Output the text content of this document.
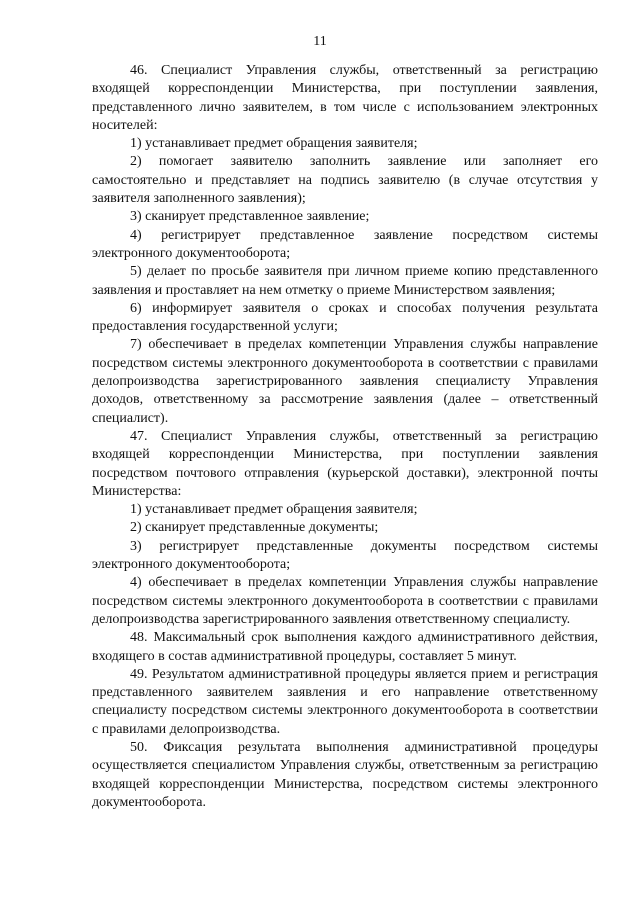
11

46. Специалист Управления службы, ответственный за регистрацию входящей корреспонденции Министерства, при поступлении заявления, представленного лично заявителем, в том числе с использованием электронных носителей:

1) устанавливает предмет обращения заявителя;

2) помогает заявителю заполнить заявление или заполняет его самостоятельно и представляет на подпись заявителю (в случае отсутствия у заявителя заполненного заявления);

3) сканирует представленное заявление;

4) регистрирует представленное заявление посредством системы электронного документооборота;

5) делает по просьбе заявителя при личном приеме копию представленного заявления и проставляет на нем отметку о приеме Министерством заявления;

6) информирует заявителя о сроках и способах получения результата предоставления государственной услуги;

7) обеспечивает в пределах компетенции Управления службы направление посредством системы электронного документооборота в соответствии с правилами делопроизводства зарегистрированного заявления специалисту Управления доходов, ответственному за рассмотрение заявления (далее – ответственный специалист).

47. Специалист Управления службы, ответственный за регистрацию входящей корреспонденции Министерства, при поступлении заявления посредством почтового отправления (курьерской доставки), электронной почты Министерства:

1) устанавливает предмет обращения заявителя;

2) сканирует представленные документы;

3) регистрирует представленные документы посредством системы электронного документооборота;

4) обеспечивает в пределах компетенции Управления службы направление посредством системы электронного документооборота в соответствии с правилами делопроизводства зарегистрированного заявления ответственному специалисту.

48. Максимальный срок выполнения каждого административного действия, входящего в состав административной процедуры, составляет 5 минут.

49. Результатом административной процедуры является прием и регистрация представленного заявителем заявления и его направление ответственному специалисту посредством системы электронного документооборота в соответствии с правилами делопроизводства.

50. Фиксация результата выполнения административной процедуры осуществляется специалистом Управления службы, ответственным за регистрацию входящей корреспонденции Министерства, посредством системы электронного документооборота.
